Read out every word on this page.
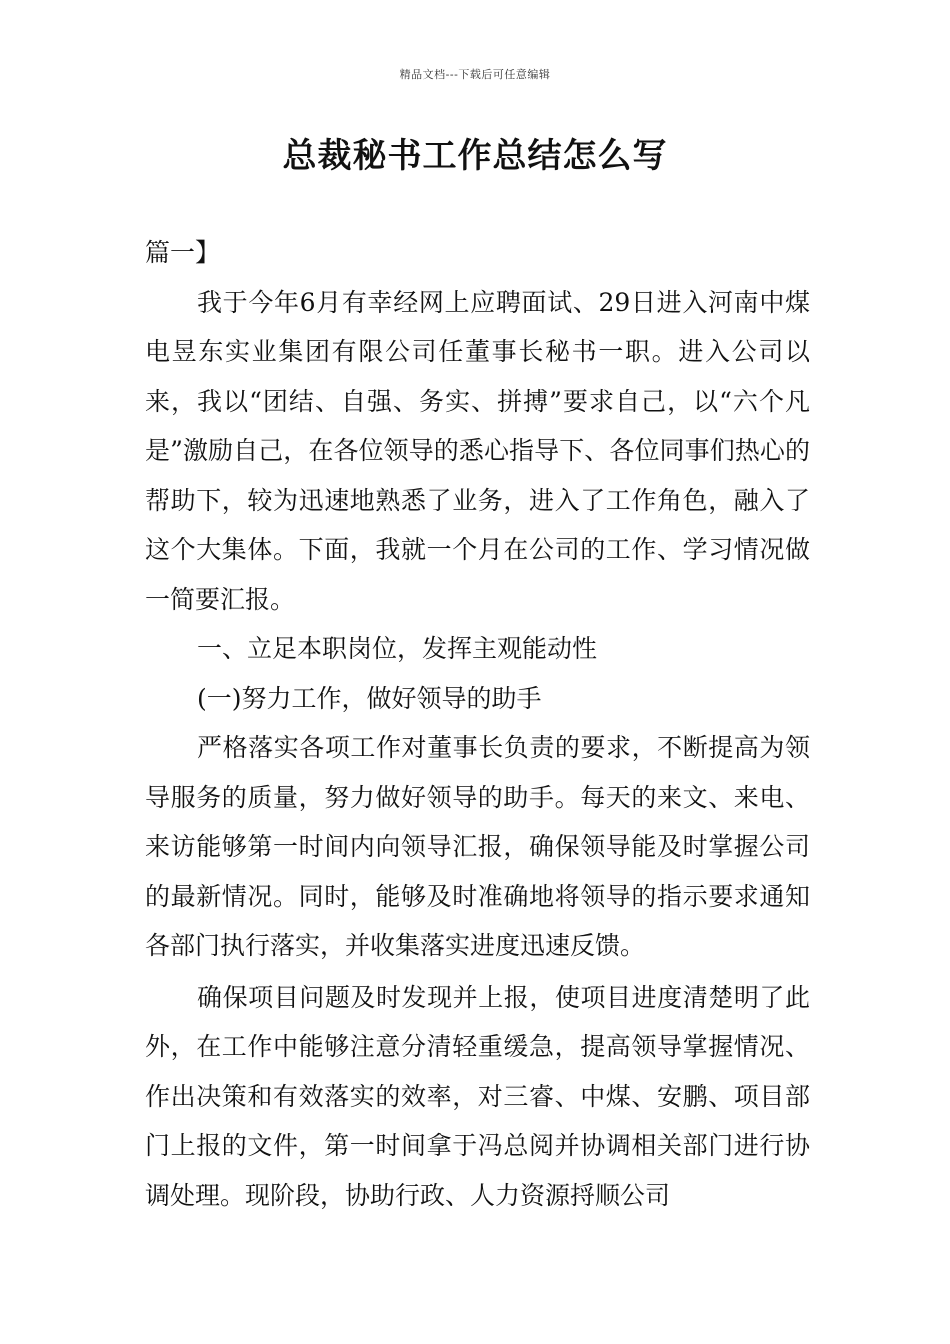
精品文档---下载后可任意编辑
总裁秘书工作总结怎么写

篇一】

我于今年6月有幸经网上应聘面试、29日进入河南中煤电昱东实业集团有限公司任董事长秘书一职。进入公司以来，我以“团结、自强、务实、拼搏”要求自己，以“六个凡是”激励自己，在各位领导的悉心指导下、各位同事们热心的帮助下，较为迅速地熟悉了业务，进入了工作角色，融入了这个大集体。下面，我就一个月在公司的工作、学习情况做一简要汇报。

一、立足本职岗位，发挥主观能动性

(一)努力工作，做好领导的助手

严格落实各项工作对董事长负责的要求，不断提高为领导服务的质量，努力做好领导的助手。每天的来文、来电、来访能够第一时间内向领导汇报，确保领导能及时掌握公司的最新情况。同时，能够及时准确地将领导的指示要求通知各部门执行落实，并收集落实进度迅速反馈。

确保项目问题及时发现并上报，使项目进度清楚明了此外，在工作中能够注意分清轻重缓急，提高领导掌握情况、作出决策和有效落实的效率，对三睿、中煤、安鹏、项目部门上报的文件，第一时间拿于冯总阅并协调相关部门进行协调处理。现阶段，协助行政、人力资源捋顺公司
